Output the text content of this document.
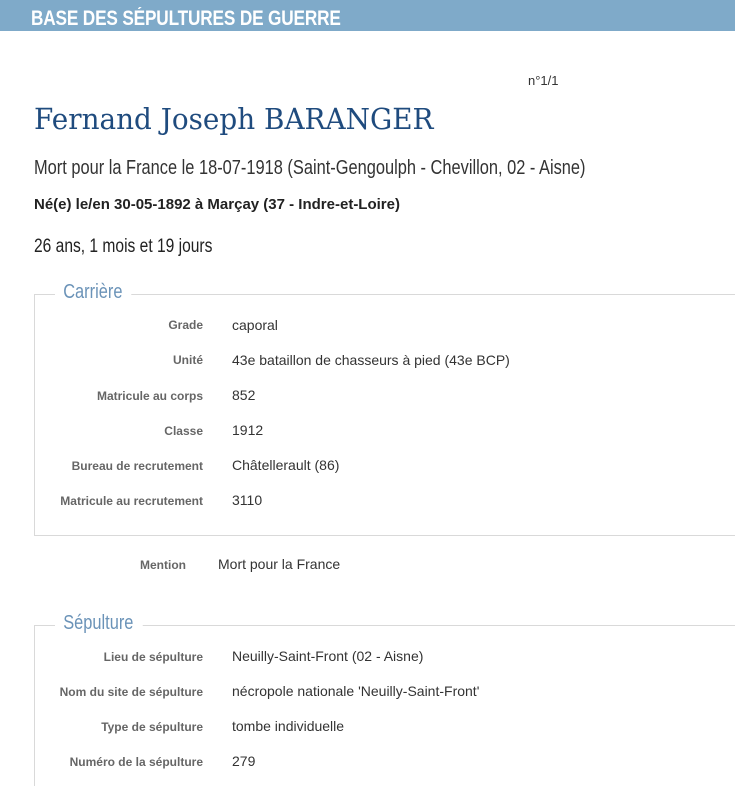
BASE DES SÉPULTURES DE GUERRE
n°1/1
Fernand Joseph BARANGER
Mort pour la France le 18-07-1918 (Saint-Gengoulph - Chevillon, 02 - Aisne)
Né(e) le/en 30-05-1892 à Marçay (37 - Indre-et-Loire)
26 ans, 1 mois et 19 jours
Carrière
Grade caporal
Unité 43e bataillon de chasseurs à pied (43e BCP)
Matricule au corps 852
Classe 1912
Bureau de recrutement Châtellerault (86)
Matricule au recrutement 3110
Mention Mort pour la France
Sépulture
Lieu de sépulture Neuilly-Saint-Front (02 - Aisne)
Nom du site de sépulture nécropole nationale 'Neuilly-Saint-Front'
Type de sépulture tombe individuelle
Numéro de la sépulture 279
